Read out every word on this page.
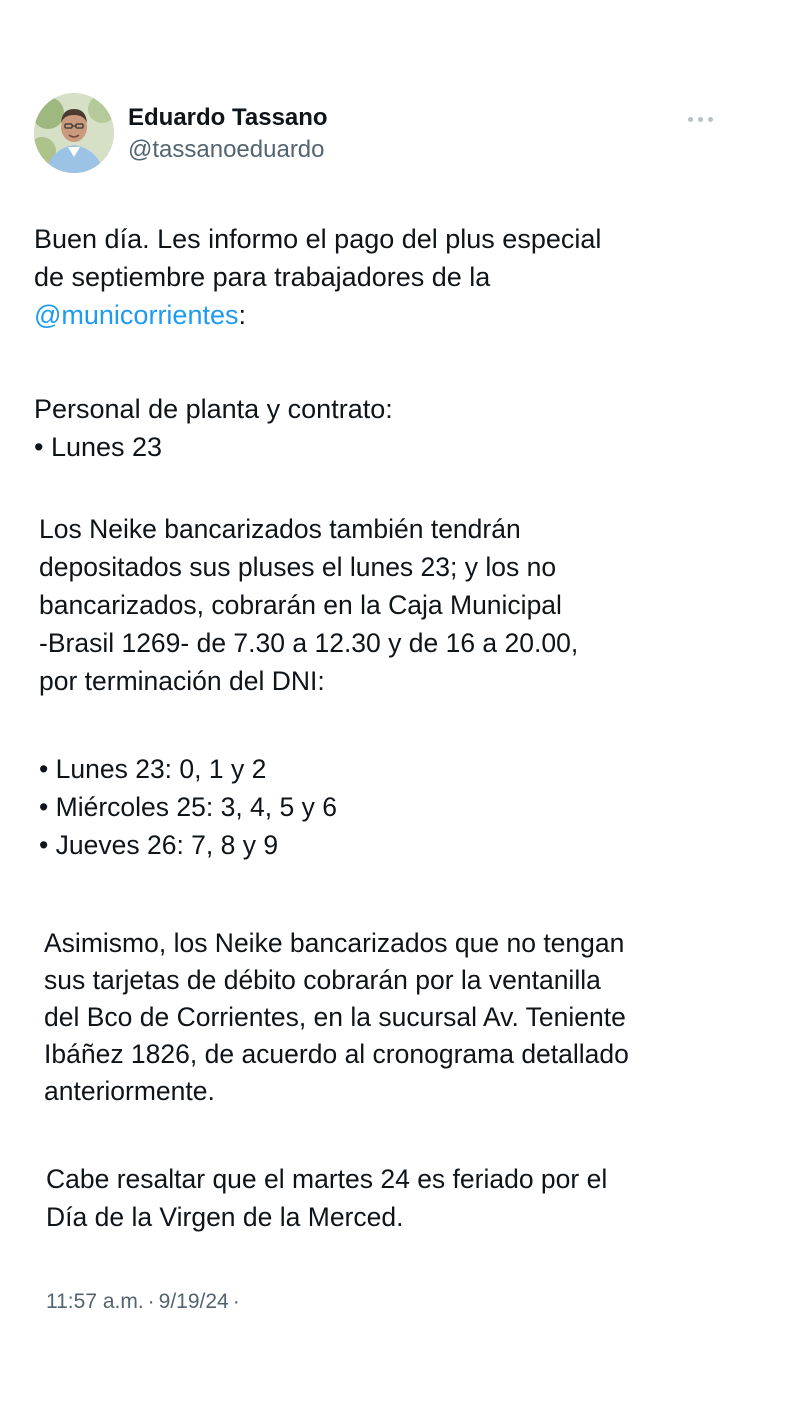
Eduardo Tassano
@tassanoeduardo
Buen día. Les informo el pago del plus especial
de septiembre para trabajadores de la
@municorrientes:
Personal de planta y contrato:
• Lunes 23
Los Neike bancarizados también tendrán
depositados sus pluses el lunes 23; y los no
bancarizados, cobrarán en la Caja Municipal
-Brasil 1269- de 7.30 a 12.30 y de 16 a 20.00,
por terminación del DNI:
• Lunes 23: 0, 1 y 2
• Miércoles 25: 3, 4, 5 y 6
• Jueves 26: 7, 8 y 9
Asimismo, los Neike bancarizados que no tengan
sus tarjetas de débito cobrarán por la ventanilla
del Bco de Corrientes, en la sucursal Av. Teniente
Ibáñez 1826, de acuerdo al cronograma detallado
anteriormente.
Cabe resaltar que el martes 24 es feriado por el
Día de la Virgen de la Merced.
11:57 a.m. · 9/19/24 ·
